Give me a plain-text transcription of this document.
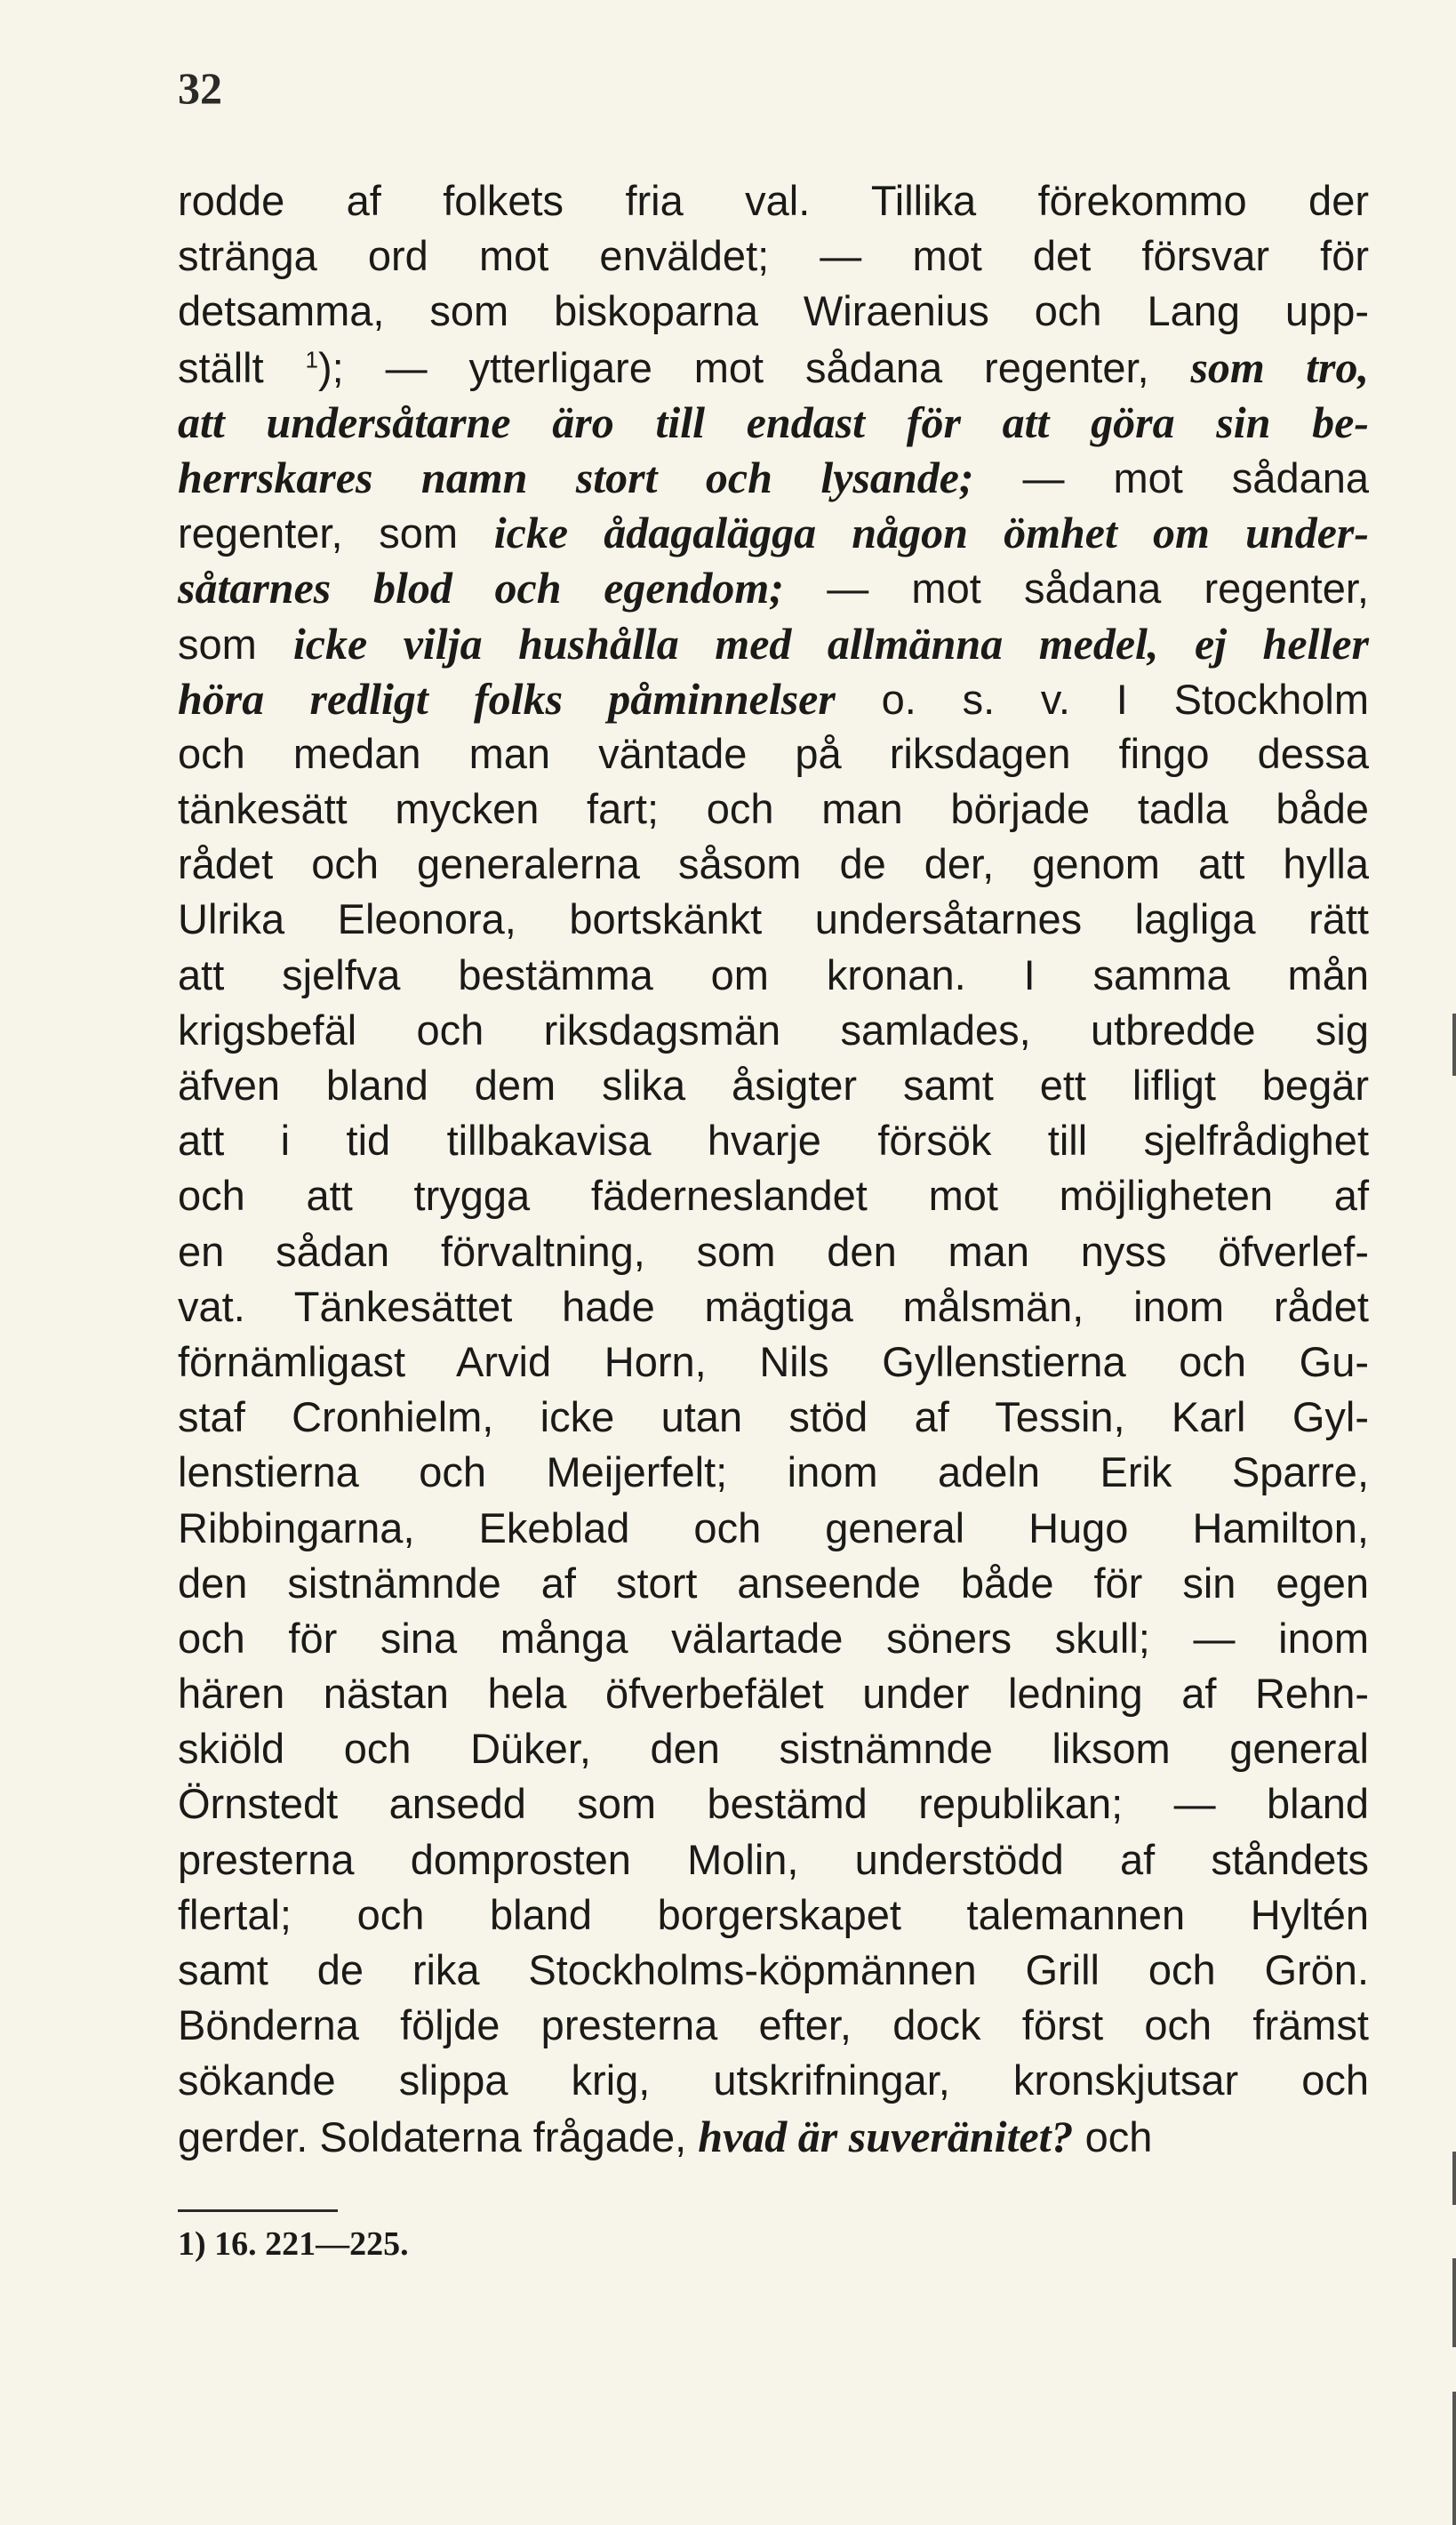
32
rodde af folkets fria val. Tillika förekommo der
stränga ord mot enväldet; — mot det försvar för
detsamma, som biskoparna Wiraenius och Lang upp-
ställt $^1$); — ytterligare mot sådana regenter, som tro,
att undersåtarne äro till endast för att göra sin be-
herrskares namn stort och lysande; — mot sådana
regenter, som icke ådagalägga någon ömhet om under-
såtarnes blod och egendom; — mot sådana regenter,
som icke vilja hushålla med allmänna medel, ej heller
höra redligt folks påminnelser o. s. v. I Stockholm
och medan man väntade på riksdagen fingo dessa
tänkesätt mycken fart; och man började tadla både
rådet och generalerna såsom de der, genom att hylla
Ulrika Eleonora, bortskänkt undersåtarnes lagliga rätt
att sjelfva bestämma om kronan. I samma mån
krigsbefäl och riksdagsmän samlades, utbredde sig
äfven bland dem slika åsigter samt ett lifligt begär
att i tid tillbakavisa hvarje försök till sjelfrådighet
och att trygga fäderneslandet mot möjligheten af
en sådan förvaltning, som den man nyss öfverlef-
vat. Tänkesättet hade mägtiga målsmän, inom rådet
förnämligast Arvid Horn, Nils Gyllenstierna och Gu-
staf Cronhielm, icke utan stöd af Tessin, Karl Gyl-
lenstierna och Meijerfelt; inom adeln Erik Sparre,
Ribbingarna, Ekeblad och general Hugo Hamilton,
den sistnämnde af stort anseende både för sin egen
och för sina många välartade söners skull; — inom
hären nästan hela öfverbefälet under ledning af Rehn-
skiöld och Düker, den sistnämnde liksom general
Örnstedt ansedd som bestämd republikan; — bland
presterna domprosten Molin, understödd af ståndets
flertal; och bland borgerskapet talemannen Hyltén
samt de rika Stockholms-köpmännen Grill och Grön.
Bönderna följde presterna efter, dock först och främst
sökande slippa krig, utskrifningar, kronskjutsar och
gerder. Soldaterna frågade, hvad är suveränitet? och
1) 16. 221—225.
